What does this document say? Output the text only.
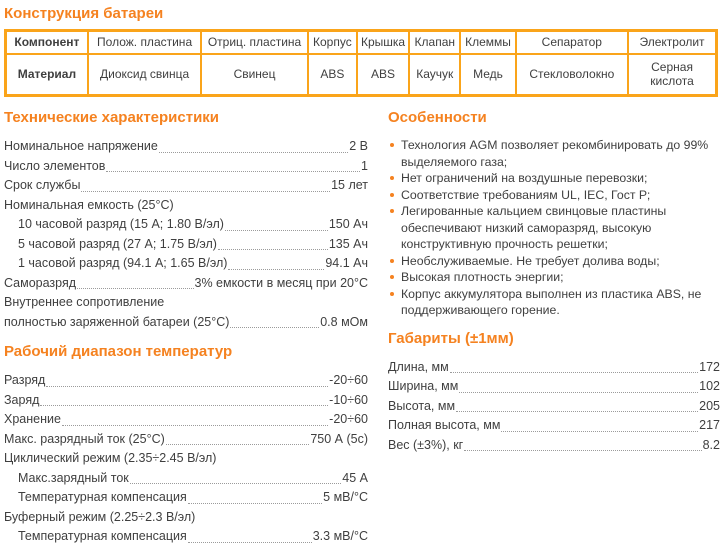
Конструкция батареи
Компонент	Полож. пластина	Отриц. пластина	Корпус	Крышка	Клапан	Клеммы	Сепаратор	Электролит
Материал	Диоксид свинца	Свинец	ABS	ABS	Каучук	Медь	Стекловолокно	Серная кислота
Технические характеристики
Номинальное напряжение	2 В
Число элементов	1
Срок службы	15 лет
Номинальная емкость (25°C)
10 часовой разряд (15 А; 1.80 В/эл)	150 Ач
5 часовой разряд (27 А; 1.75 В/эл)	135 Ач
1 часовой разряд (94.1 А; 1.65 В/эл)	94.1 Ач
Саморазряд	3% емкости в месяц при 20°C
Внутреннее сопротивление
полностью заряженной батареи (25°C)	0.8 мОм
Рабочий диапазон температур
Разряд	-20÷60
Заряд	-10÷60
Хранение	-20÷60
Макс. разрядный ток (25°C)	750 А (5с)
Циклический режим (2.35÷2.45 В/эл)
Макс.зарядный ток	45 А
Температурная компенсация	5 мВ/°С
Буферный режим (2.25÷2.3 В/эл)
Температурная компенсация	3.3 мВ/°С
Особенности
Технология AGM позволяет рекомбинировать до 99% выделяемого газа;
Нет ограничений на воздушные перевозки;
Соответствие требованиям UL, IEC, Гост Р;
Легированные кальцием свинцовые пластины обеспечивают низкий саморазряд, высокую конструктивную прочность решетки;
Необслуживаемые. Не требует долива воды;
Высокая плотность энергии;
Корпус аккумулятора выполнен из пластика ABS, не поддерживающего горение.
Габариты (±1мм)
Длина, мм	172
Ширина, мм	102
Высота, мм	205
Полная высота, мм	217
Вес (±3%), кг	8.2
